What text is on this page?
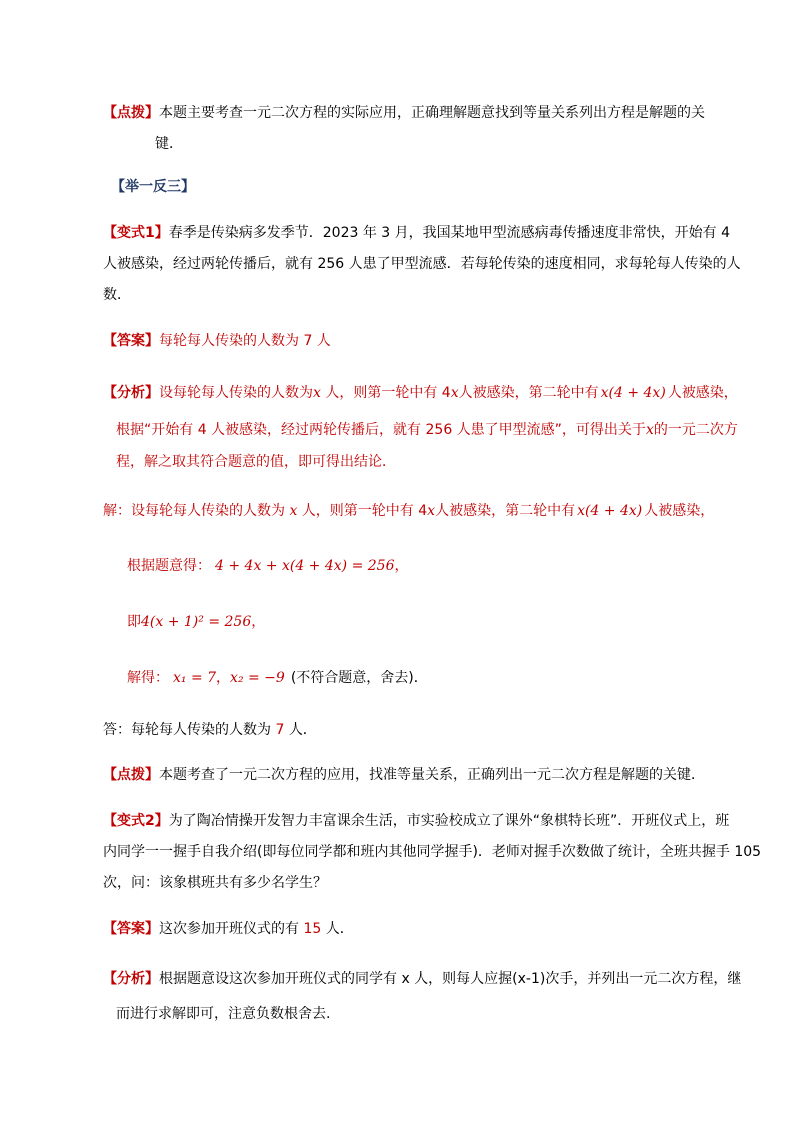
【点拨】本题主要考查一元二次方程的实际应用，正确理解题意找到等量关系列出方程是解题的关
键．
【举一反三】
【变式1】春季是传染病多发季节．2023 年 3 月，我国某地甲型流感病毒传播速度非常快，开始有 4
人被感染，经过两轮传播后，就有 256 人患了甲型流感．若每轮传染的速度相同，求每轮每人传染的人
数．
【答案】每轮每人传染的人数为 7 人
【分析】设每轮每人传染的人数为x 人，则第一轮中有 4x人被感染，第二轮中有 x(4 + 4x) 人被感染，
根据“开始有 4 人被感染，经过两轮传播后，就有 256 人患了甲型流感”，可得出关于x的一元二次方
程，解之取其符合题意的值，即可得出结论．
解：设每轮每人传染的人数为 x 人，则第一轮中有 4x人被感染，第二轮中有 x(4 + 4x) 人被感染，
根据题意得： 4 + 4x + x(4 + 4x) = 256，
即4(x + 1)² = 256，
解得： x₁ = 7，x₂ = −9 (不符合题意，舍去)．
答：每轮每人传染的人数为 7 人．
【点拨】本题考查了一元二次方程的应用，找准等量关系，正确列出一元二次方程是解题的关键．
【变式2】为了陶冶情操开发智力丰富课余生活，市实验校成立了课外“象棋特长班”．开班仪式上，班
内同学一一握手自我介绍(即每位同学都和班内其他同学握手)．老师对握手次数做了统计，全班共握手 105
次，问：该象棋班共有多少名学生？
【答案】这次参加开班仪式的有 15 人．
【分析】根据题意设这次参加开班仪式的同学有 x 人，则每人应握(x-1)次手，并列出一元二次方程，继
而进行求解即可，注意负数根舍去.
